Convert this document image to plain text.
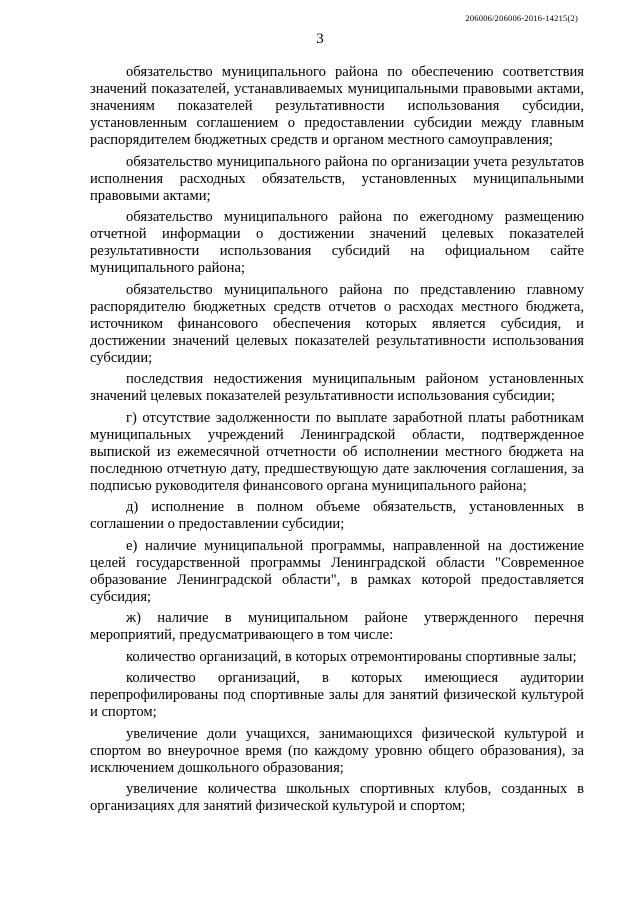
206006/206006-2016-14215(2)
3

обязательство муниципального района по обеспечению соответствия значений показателей, устанавливаемых муниципальными правовыми актами, значениям показателей результативности использования субсидии, установленным соглашением о предоставлении субсидии между главным распорядителем бюджетных средств и органом местного самоуправления;

обязательство муниципального района по организации учета результатов исполнения расходных обязательств, установленных муниципальными правовыми актами;

обязательство муниципального района по ежегодному размещению отчетной информации о достижении значений целевых показателей результативности использования субсидий на официальном сайте муниципального района;

обязательство муниципального района по представлению главному распорядителю бюджетных средств отчетов о расходах местного бюджета, источником финансового обеспечения которых является субсидия, и достижении значений целевых показателей результативности использования субсидии;

последствия недостижения муниципальным районом установленных значений целевых показателей результативности использования субсидии;

г) отсутствие задолженности по выплате заработной платы работникам муниципальных учреждений Ленинградской области, подтвержденное выпиской из ежемесячной отчетности об исполнении местного бюджета на последнюю отчетную дату, предшествующую дате заключения соглашения, за подписью руководителя финансового органа муниципального района;

д) исполнение в полном объеме обязательств, установленных в соглашении о предоставлении субсидии;

е) наличие муниципальной программы, направленной на достижение целей государственной программы Ленинградской области "Современное образование Ленинградской области", в рамках которой предоставляется субсидия;

ж) наличие в муниципальном районе утвержденного перечня мероприятий, предусматривающего в том числе:

количество организаций, в которых отремонтированы спортивные залы;

количество организаций, в которых имеющиеся аудитории перепрофилированы под спортивные залы для занятий физической культурой и спортом;

увеличение доли учащихся, занимающихся физической культурой и спортом во внеурочное время (по каждому уровню общего образования), за исключением дошкольного образования;

увеличение количества школьных спортивных клубов, созданных в организациях для занятий физической культурой и спортом;
